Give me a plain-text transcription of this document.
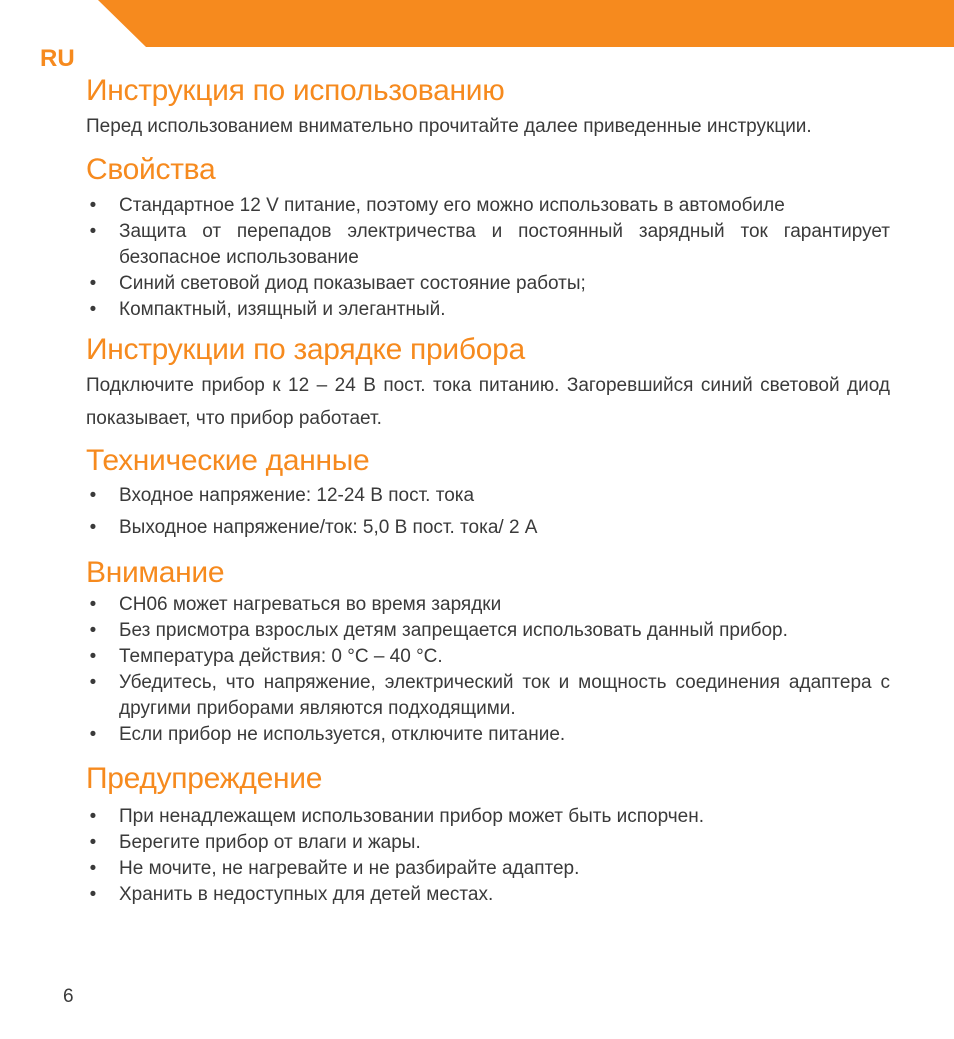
RU
Инструкция по использованию

Перед использованием внимательно прочитайте далее приведенные инструкции.

Свойства
• Стандартное 12 V питание, поэтому его можно использовать в автомобиле
• Защита от перепадов электричества и постоянный зарядный ток гарантирует безопасное использование
• Синий световой диод показывает состояние работы;
• Компактный, изящный и элегантный.
Инструкции по зарядке прибора

Подключите прибор к 12 – 24 В пост. тока питанию. Загоревшийся синий световой диод показывает, что прибор работает.

Технические данные
• Входное напряжение: 12-24 В пост. тока
• Выходное напряжение/ток: 5,0 В пост. тока/ 2 А
Внимание
• CH06 может нагреваться во время зарядки
• Без присмотра взрослых детям запрещается использовать данный прибор.
• Температура действия: 0 °C – 40 °C.
• Убедитесь, что напряжение, электрический ток и мощность соединения адаптера с другими приборами являются подходящими.
• Если прибор не используется, отключите питание.
Предупреждение
• При ненадлежащем использовании прибор может быть испорчен.
• Берегите прибор от влаги и жары.
• Не мочите, не нагревайте и не разбирайте адаптер.
• Хранить в недоступных для детей местах.
6
